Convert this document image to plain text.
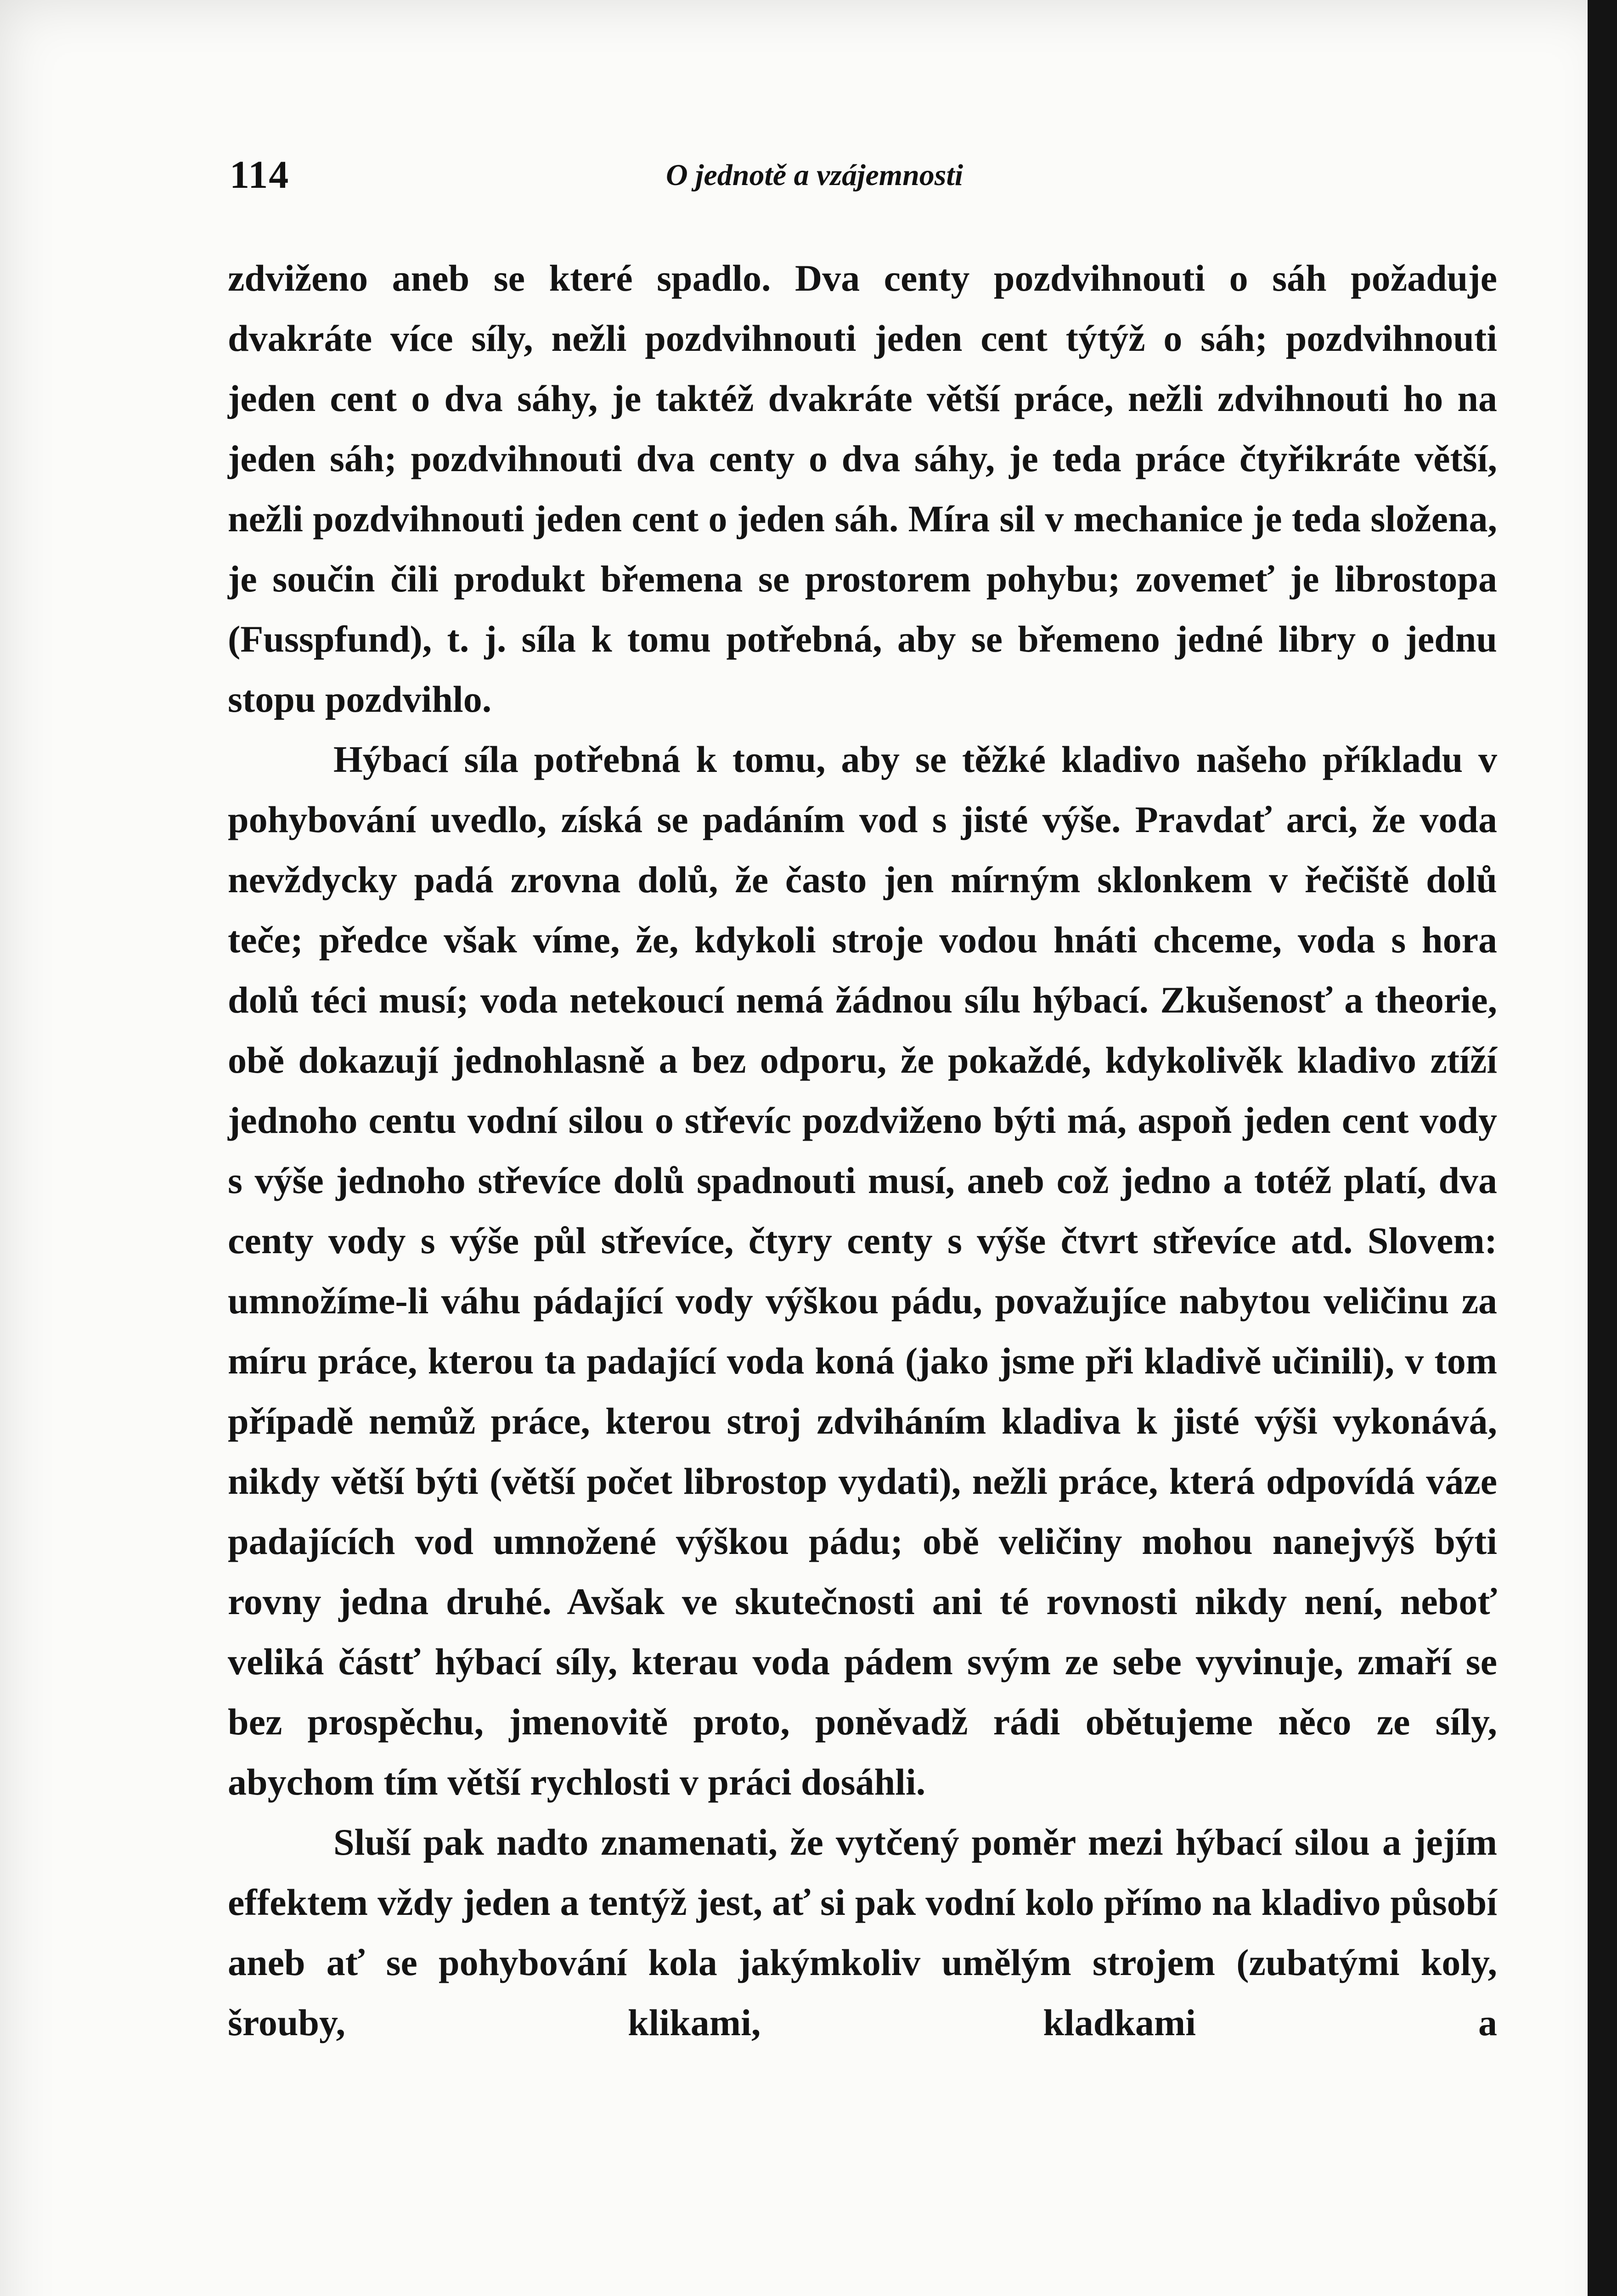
114	O jednotě a vzájemnosti

zdviženo aneb se které spadlo. Dva centy pozdvihnouti o sáh požaduje dvakráte více síly, nežli pozdvihnouti jeden cent týtýž o sáh; pozdvihnouti jeden cent o dva sáhy, je taktéž dvakráte větší práce, nežli zdvihnouti ho na jeden sáh; pozdvihnouti dva centy o dva sáhy, je teda práce čtyřikráte větší, nežli pozdvihnouti jeden cent o jeden sáh. Míra sil v mechanice je teda složena, je součin čili produkt břemena se prostorem pohybu; zovemeť je librostopa (Fusspfund), t. j. síla k tomu potřebná, aby se břemeno jedné libry o jednu stopu pozdvihlo.

Hýbací síla potřebná k tomu, aby se těžké kladivo našeho příkladu v pohybování uvedlo, získá se padáním vod s jisté výše. Pravdať arci, že voda nevždycky padá zrovna dolů, že často jen mírným sklonkem v řečiště dolů teče; předce však víme, že, kdykoli stroje vodou hnáti chceme, voda s hora dolů téci musí; voda netekoucí nemá žádnou sílu hýbací. Zkušenosť a theorie, obě dokazují jednohlasně a bez odporu, že pokaždé, kdykolivěk kladivo ztíží jednoho centu vodní silou o střevíc pozdviženo býti má, aspoň jeden cent vody s výše jednoho střevíce dolů spadnouti musí, aneb což jedno a totéž platí, dva centy vody s výše půl střevíce, čtyry centy s výše čtvrt střevíce atd. Slovem: umnožíme-li váhu pádající vody výškou pádu, považujíce nabytou veličinu za míru práce, kterou ta padající voda koná (jako jsme při kladivě učinili), v tom případě nemůž práce, kterou stroj zdviháním kladiva k jisté výši vykonává, nikdy větší býti (větší počet librostop vydati), nežli práce, která odpovídá váze padajících vod umnožené výškou pádu; obě veličiny mohou nanejvýš býti rovny jedna druhé. Avšak ve skutečnosti ani té rovnosti nikdy není, neboť veliká částť hýbací síly, kterau voda pádem svým ze sebe vyvinuje, zmaří se bez prospěchu, jmenovitě proto, poněvadž rádi obětujeme něco ze síly, abychom tím větší rychlosti v práci dosáhli.

Sluší pak nadto znamenati, že vytčený poměr mezi hýbací silou a jejím effektem vždy jeden a tentýž jest, ať si pak vodní kolo přímo na kladivo působí aneb ať se pohybování kola jakýmkoliv umělým strojem (zubatými koly, šrouby, klikami, kladkami a
